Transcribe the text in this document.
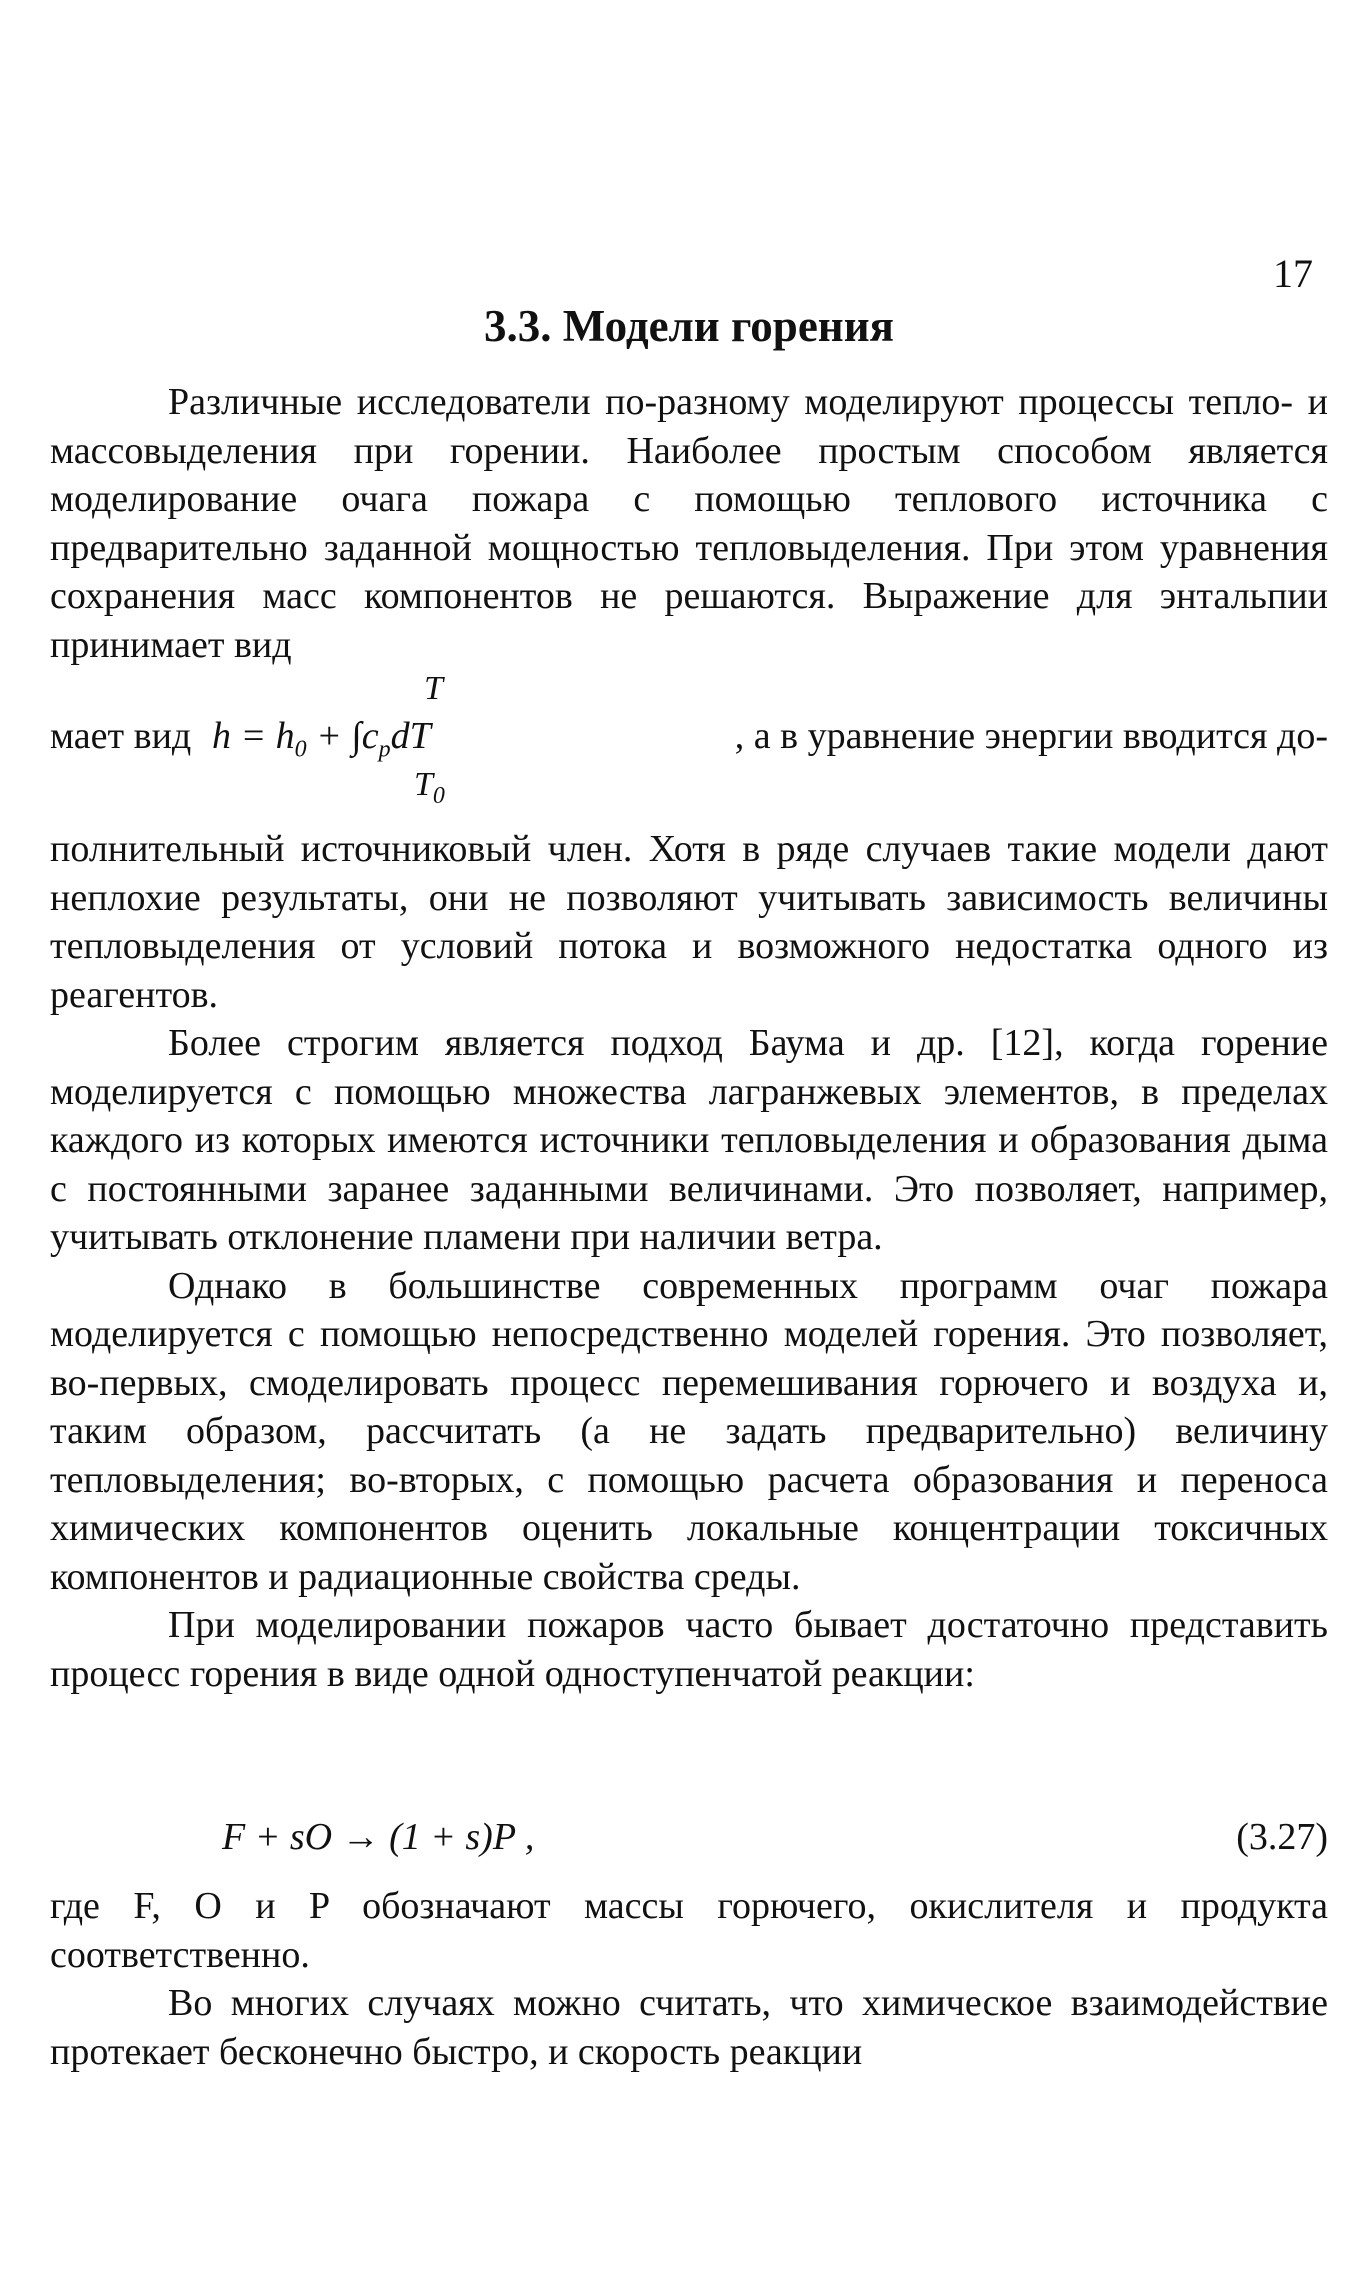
17
3.3. Модели горения

Различные исследователи по-разному моделируют процессы тепло- и массовыделения при горении. Наиболее простым способом является моделирование очага пожара с помощью теплового источника с предварительно заданной мощностью тепловыделения. При этом уравнения сохранения масс компонентов не решаются. Выражение для энтальпии принимает вид

мает вид
T
$h = h_0 + \int c_pdT$
$T_0$
, а в уравнение энергии вводится до-

полнительный источниковый член. Хотя в ряде случаев такие модели дают неплохие результаты, они не позволяют учитывать зависимость величины тепловыделения от условий потока и возможного недостатка одного из реагентов.

Более строгим является подход Баума и др. [12], когда горение моделируется с помощью множества лагранжевых элементов, в пределах каждого из которых имеются источники тепловыделения и образования дыма с постоянными заранее заданными величинами. Это позволяет, например, учитывать отклонение пламени при наличии ветра.

Однако в большинстве современных программ очаг пожара моделируется с помощью непосредственно моделей горения. Это позволяет, во-первых, смоделировать процесс перемешивания горючего и воздуха и, таким образом, рассчитать (а не задать предварительно) величину тепловыделения; во-вторых, с помощью расчета образования и переноса химических компонентов оценить локальные концентрации токсичных компонентов и радиационные свойства среды.

При моделировании пожаров часто бывает достаточно представить процесс горения в виде одной одноступенчатой реакции:

F + sO → (1 + s)P ,	(3.27)

где F, O и P обозначают массы горючего, окислителя и продукта соответственно.

Во многих случаях можно считать, что химическое взаимодействие протекает бесконечно быстро, и скорость реакции
